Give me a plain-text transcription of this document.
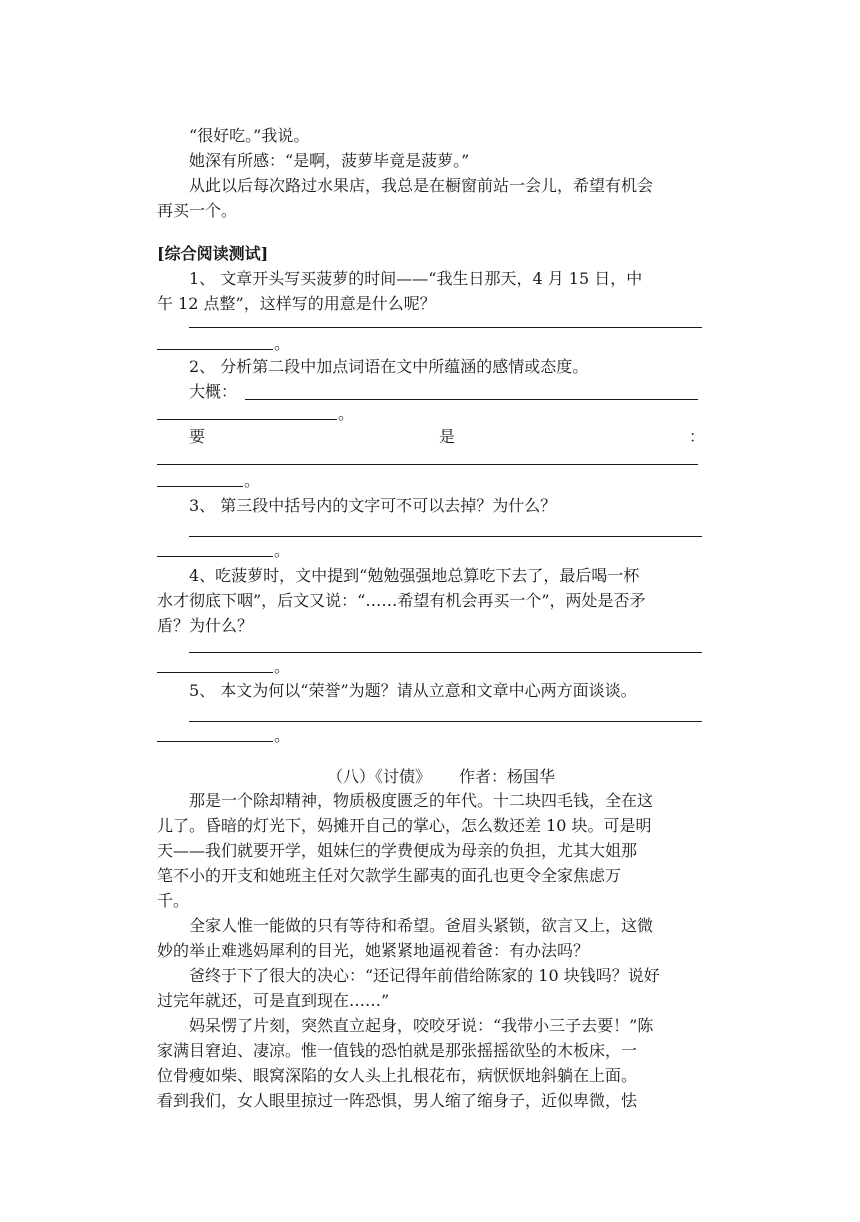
“很好吃。”我说。
她深有所感：“是啊，菠萝毕竟是菠萝。”
从此以后每次路过水果店，我总是在橱窗前站一会儿，希望有机会
再买一个。
[综合阅读测试]
1、 文章开头写买菠萝的时间——“我生日那天，4 月 15 日，中
午 12 点整”，这样写的用意是什么呢？
。
2、 分析第二段中加点词语在文中所蕴涵的感情或态度。
大概：
。
要	是	：
。
3、 第三段中括号内的文字可不可以去掉？为什么？
。
4、吃菠萝时，文中提到“勉勉强强地总算吃下去了，最后喝一杯
水才彻底下咽”，后文又说：“……希望有机会再买一个”，两处是否矛
盾？为什么？
。
5、 本文为何以“荣誉”为题？请从立意和文章中心两方面谈谈。
。
（八）《讨债》 作者：杨国华
那是一个除却精神，物质极度匮乏的年代。十二块四毛钱，全在这
儿了。昏暗的灯光下，妈摊开自己的掌心，怎么数还差 10 块。可是明
天——我们就要开学，姐妹仨的学费便成为母亲的负担，尤其大姐那
笔不小的开支和她班主任对欠款学生鄙夷的面孔也更令全家焦虑万
千。
全家人惟一能做的只有等待和希望。爸眉头紧锁，欲言又上，这微
妙的举止难逃妈犀利的目光，她紧紧地逼视着爸：有办法吗？
爸终于下了很大的决心：“还记得年前借给陈家的 10 块钱吗？说好
过完年就还，可是直到现在……”
妈呆愣了片刻，突然直立起身，咬咬牙说：“我带小三子去要！”陈
家满目窘迫、凄凉。惟一值钱的恐怕就是那张摇摇欲坠的木板床，一
位骨瘦如柴、眼窝深陷的女人头上扎根花布，病恹恹地斜躺在上面。
看到我们，女人眼里掠过一阵恐惧，男人缩了缩身子，近似卑微，怯
